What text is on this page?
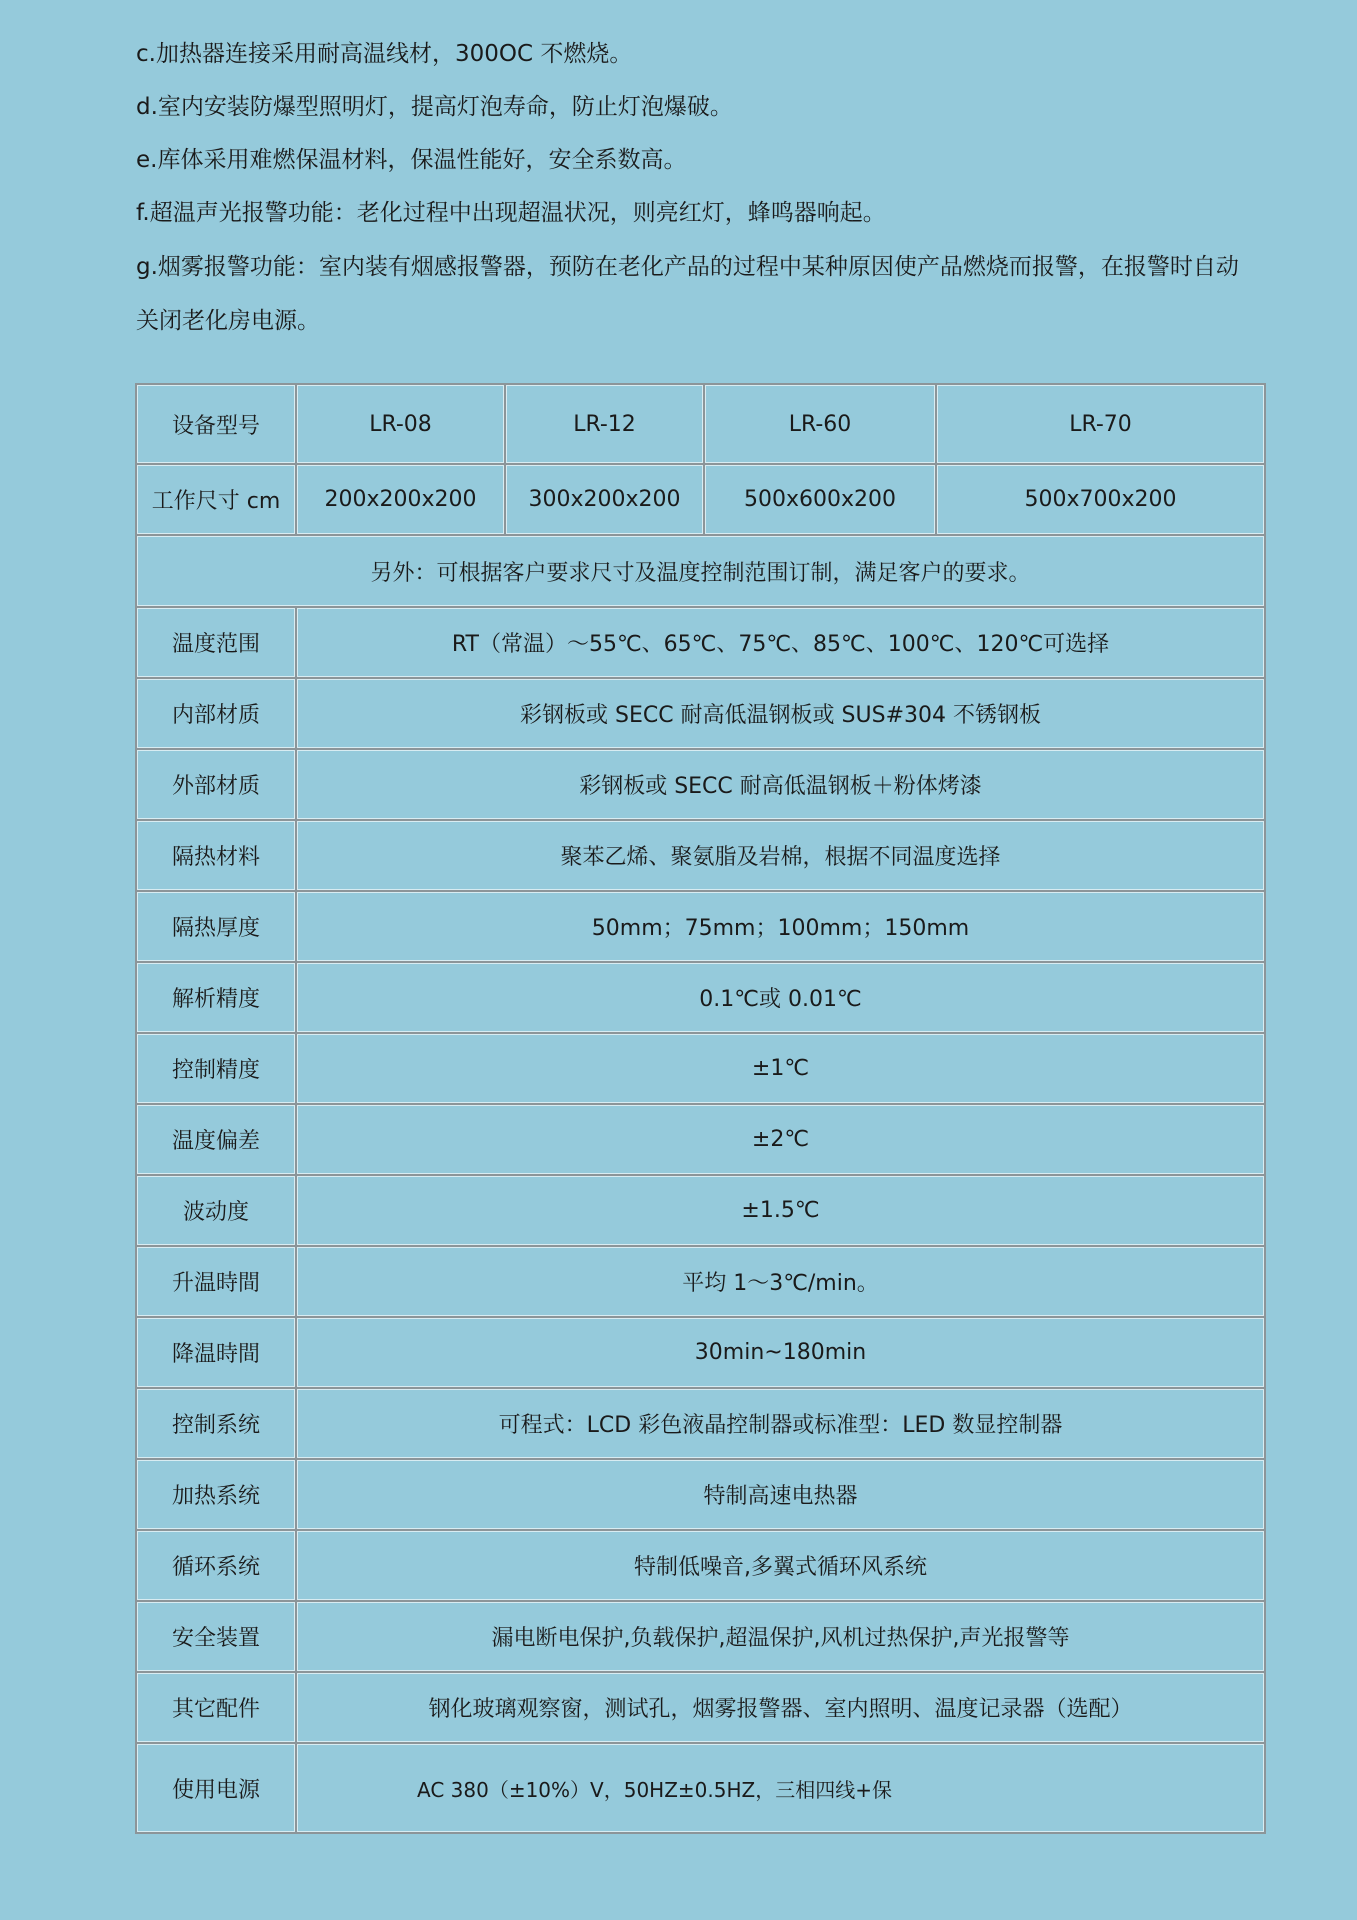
c.加热器连接采用耐高温线材，300OC 不燃烧。
d.室内安装防爆型照明灯，提高灯泡寿命，防止灯泡爆破。
e.库体采用难燃保温材料，保温性能好，安全系数高。
f.超温声光报警功能：老化过程中出现超温状况，则亮红灯，蜂鸣器响起。
g.烟雾报警功能：室内装有烟感报警器，预防在老化产品的过程中某种原因使产品燃烧而报警，在报警时自动关闭老化房电源。
设备型号	LR-08	LR-12	LR-60	LR-70
工作尺寸 cm	200x200x200	300x200x200	500x600x200	500x700x200
另外：可根据客户要求尺寸及温度控制范围订制，满足客户的要求。				
温度范围	RT（常温）～55℃、65℃、75℃、85℃、100℃、120℃可选择			
内部材质	彩钢板或 SECC 耐高低温钢板或 SUS#304 不锈钢板			
外部材质	彩钢板或 SECC 耐高低温钢板＋粉体烤漆			
隔热材料	聚苯乙烯、聚氨脂及岩棉，根据不同温度选择			
隔热厚度	50mm；75mm；100mm；150mm			
解析精度	0.1℃或 0.01℃			
控制精度	±1℃			
温度偏差	±2℃			
波动度	±1.5℃			
升温時間	平均 1～3℃/min。			
降温時間	30min~180min			
控制系统	可程式：LCD 彩色液晶控制器或标准型：LED 数显控制器			
加热系统	特制高速电热器			
循环系统	特制低噪音,多翼式循环风系统			
安全装置	漏电断电保护,负载保护,超温保护,风机过热保护,声光报警等			
其它配件	钢化玻璃观察窗，测试孔，烟雾报警器、室内照明、温度记录器（选配）			
使用电源	AC 380（±10%）V，50HZ±0.5HZ，三相四线+保			
